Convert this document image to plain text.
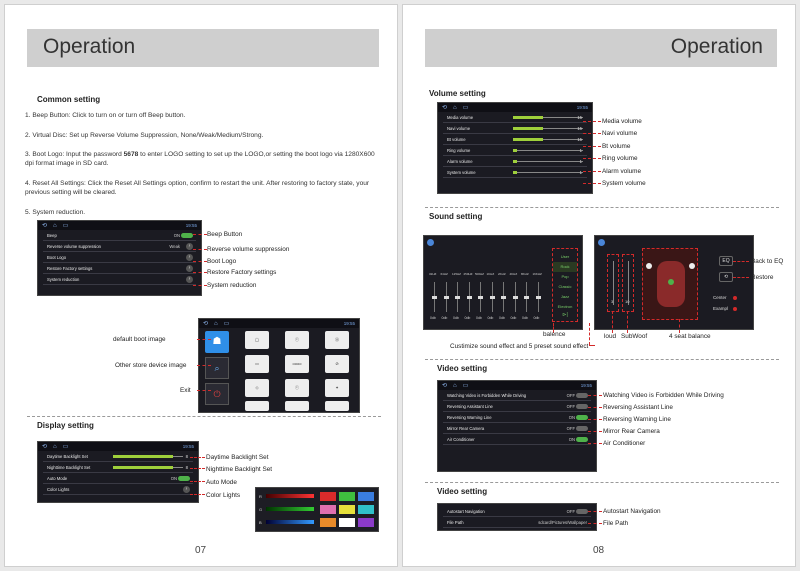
Operation
Common setting
1. Beep Button: Click to turn on or turn off Beep button.
2. Virtual Disc: Set up Reverse Volume Suppression, None/Weak/Medium/Strong.
3. Boot Logo: Input the password 5678 to enter LOGO setting to set up the LOGO,or setting the boot logo via 1280X600 dpi format image in SD card.
4. Reset All Settings: Click the Reset All Settings option, confirm to restart the unit. After restoring to factory state, your previous setting will be cleared.
5. System reduction.
⟲⌂▭	19:55
Beep	ON
Reverse volume suppression	Weak	›
Boot Logo	›
Restore Factory settings	›
System reduction	›
Beep Button
Reverse volume suppression
Boot Logo
Restore Factory settings
System reduction
⟲⌂▭	19:55
☗
⌕
⏻
◯	ⓥ	ⓜ
▭	oooo	⊘
◇	ⓥ	✦
default boot image
Other store device image
Exit
Display setting
⟲⌂▭	19:55
Daytime Backlight Set	8
Nighttime Backlight Set	8
Auto Mode	ON
Color Lights	›
Daytime Backlight Set
Nighttime Backlight Set
Auto Mode
Color Lights	R
G
B
07
Operation
Volume setting
⟲⌂▭	19:55
Media volume	15
Navi volume	15
Bt volume	15
Ring volume	1
Alarm volume	1
System volume	1
Media volume
Navi volume
Bt volume
Ring volume
Alarm volume
System volume
Sound setting
32HZ
0db
64HZ
0db
125HZ
0db
250HZ
0db
500HZ
0db
1KHZ
0db
2KHZ
0db
4KHZ
0db
8KHZ
0db
16KHZ
0db
User
Rock
Pop
Classic
Jazz
Electron
⊳|
balence
Custimize sound effect and 5 preset sound effect
3	10
EQ
⟲
Center
Exampl
Back to EQ
Restore
loud SubWoof	4 seat balance
Video setting
⟲⌂▭	19:55
Watching Video is Forbidden While Driving	OFF
Reversing Assistant Line	OFF
Reversing Warning Line	ON
Mirror Rear Camera	OFF
Air Conditioner	ON
Watching Video is Forbidden While Driving
Reversing Assistant Line
Reversing Warning Line
Mirror Rear Camera
Air Conditioner
Video setting
Autostart Navigation	OFF
File Path	sdcard/Pictures/Wallpaper
Autostart Navigation
File Path
08
